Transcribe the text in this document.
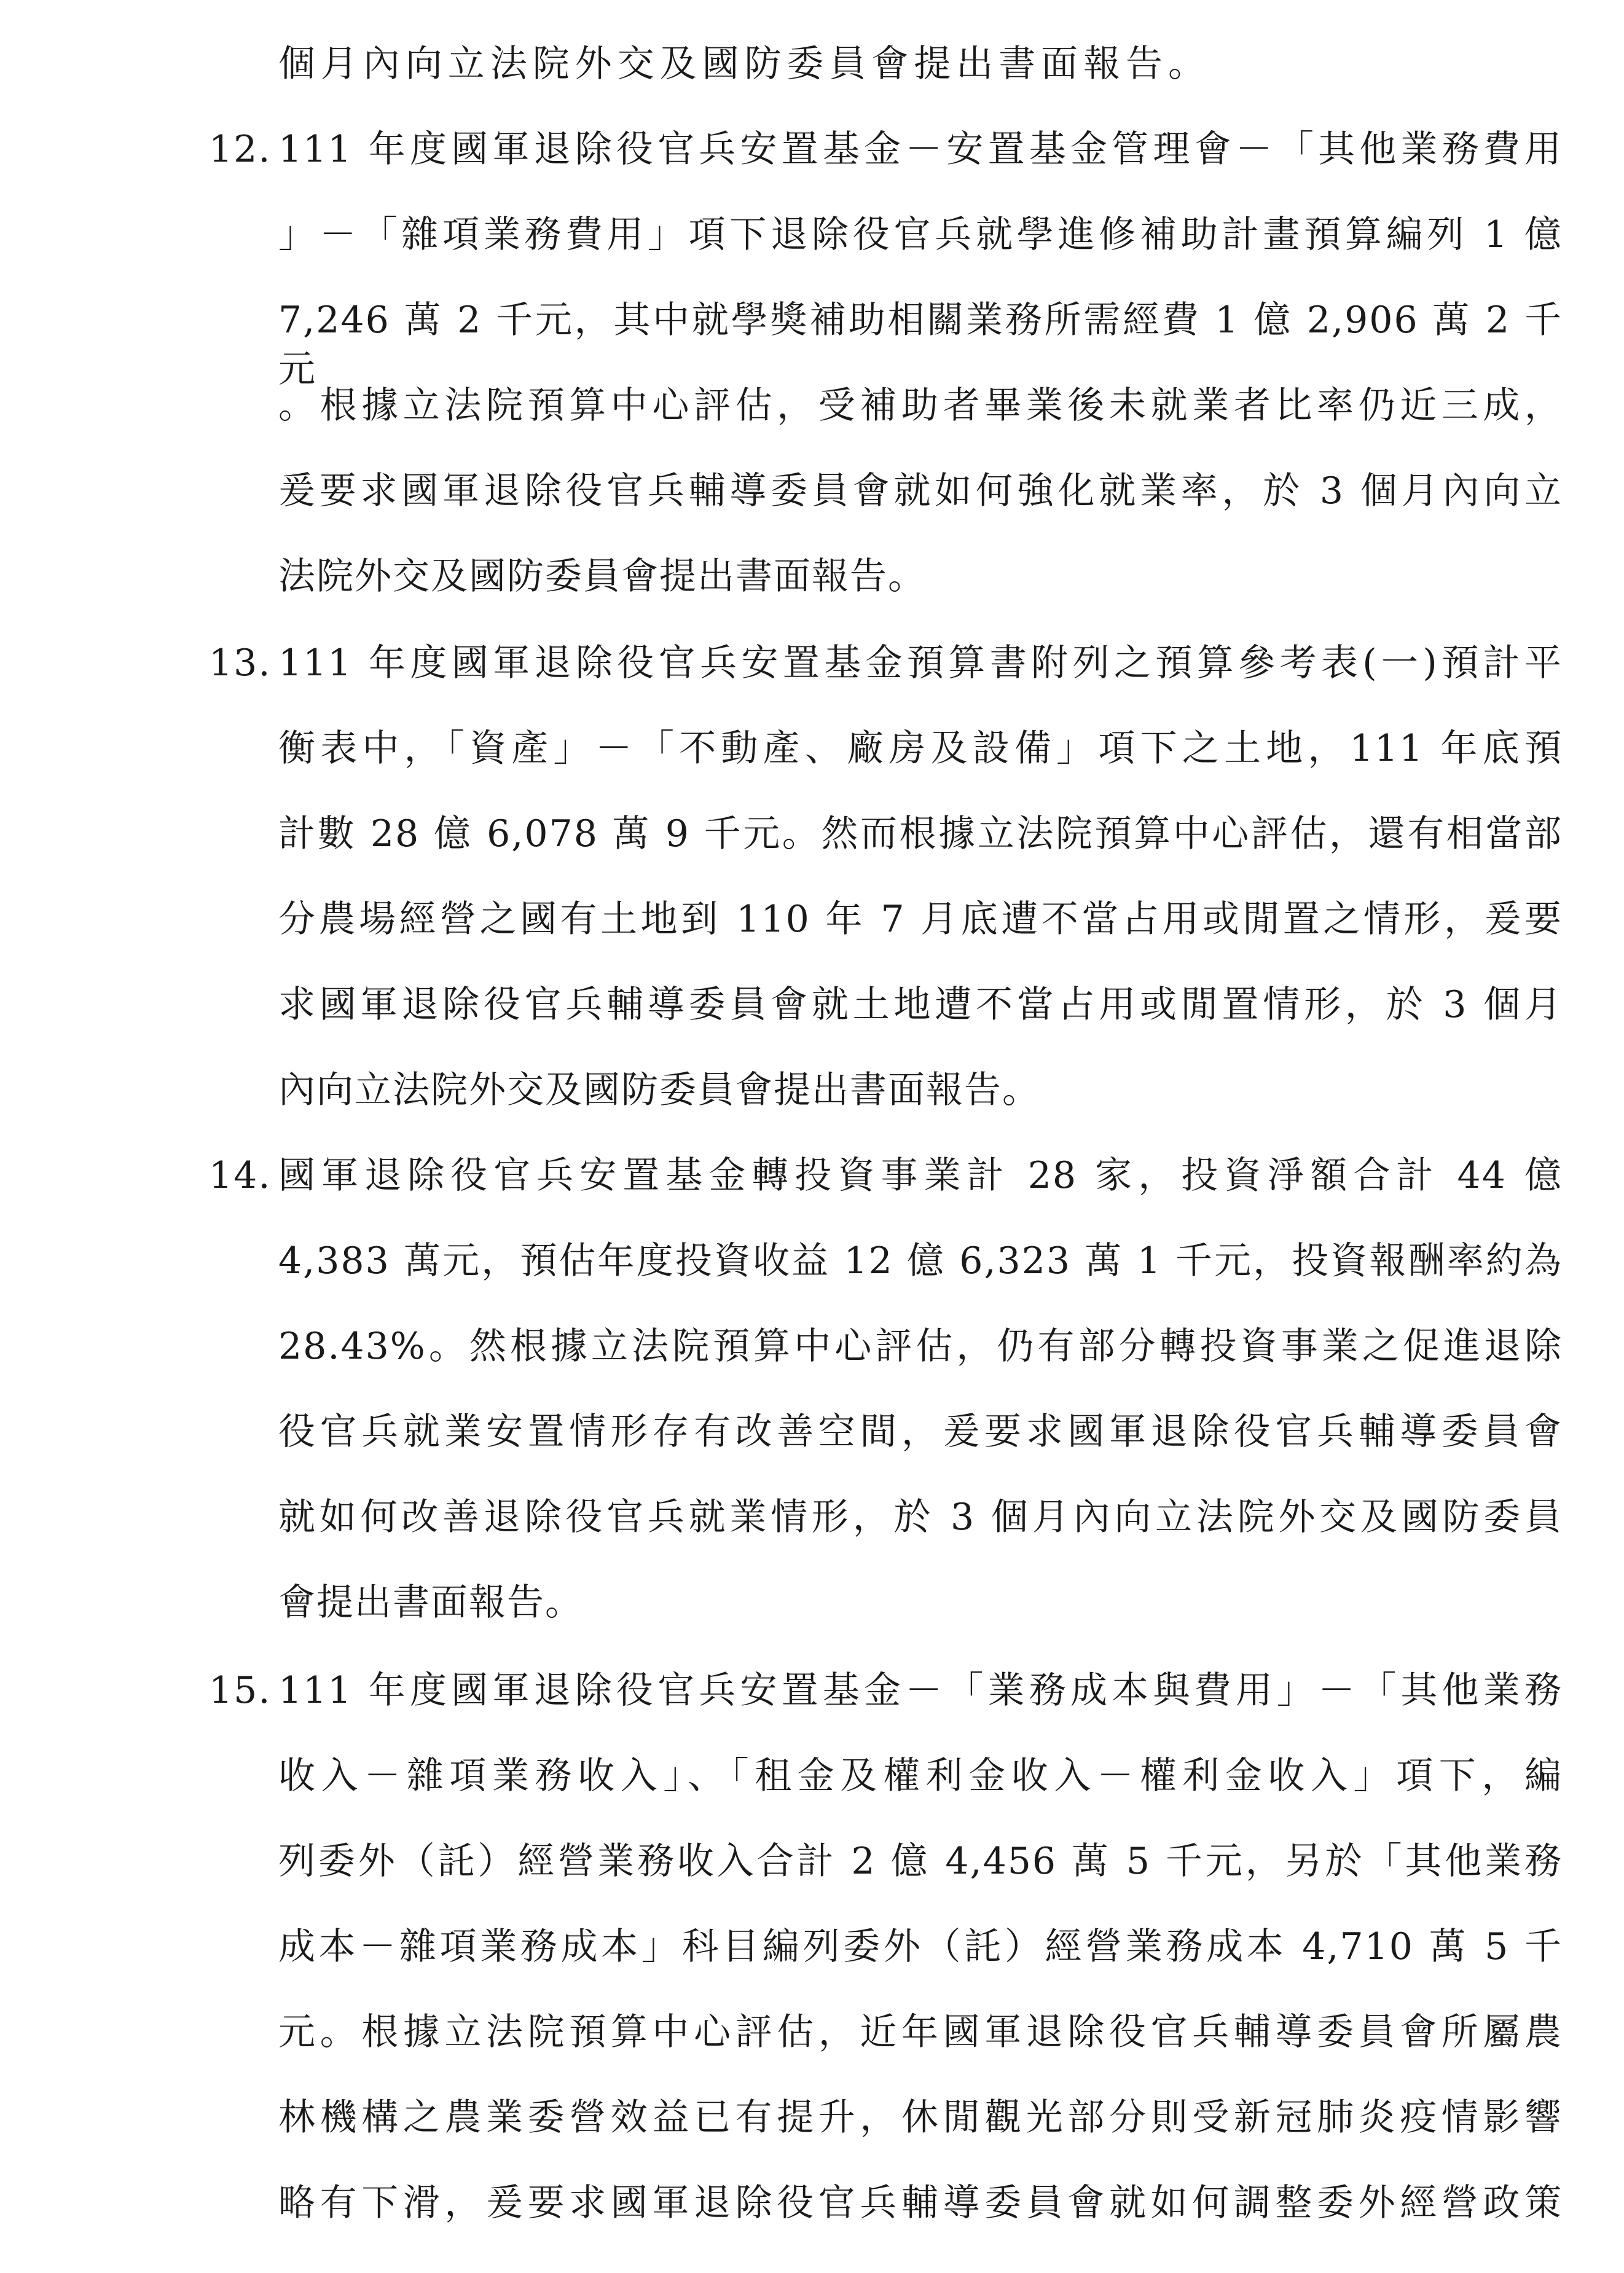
個月內向立法院外交及國防委員會提出書面報告。
12. 111 年度國軍退除役官兵安置基金－安置基金管理會－「其他業務費用
」－「雜項業務費用」項下退除役官兵就學進修補助計畫預算編列 1 億
7,246 萬 2 千元，其中就學獎補助相關業務所需經費 1 億 2,906 萬 2 千元
。根據立法院預算中心評估，受補助者畢業後未就業者比率仍近三成，
爰要求國軍退除役官兵輔導委員會就如何強化就業率，於 3 個月內向立
法院外交及國防委員會提出書面報告。
13. 111 年度國軍退除役官兵安置基金預算書附列之預算參考表(一)預計平
衡表中，「資產」－「不動產、廠房及設備」項下之土地，111 年底預
計數 28 億 6,078 萬 9 千元。然而根據立法院預算中心評估，還有相當部
分農場經營之國有土地到 110 年 7 月底遭不當占用或閒置之情形，爰要
求國軍退除役官兵輔導委員會就土地遭不當占用或閒置情形，於 3 個月
內向立法院外交及國防委員會提出書面報告。
14. 國軍退除役官兵安置基金轉投資事業計 28 家，投資淨額合計 44 億
4,383 萬元，預估年度投資收益 12 億 6,323 萬 1 千元，投資報酬率約為
28.43%。然根據立法院預算中心評估，仍有部分轉投資事業之促進退除
役官兵就業安置情形存有改善空間，爰要求國軍退除役官兵輔導委員會
就如何改善退除役官兵就業情形，於 3 個月內向立法院外交及國防委員
會提出書面報告。
15. 111 年度國軍退除役官兵安置基金－「業務成本與費用」－「其他業務
收入－雜項業務收入」、「租金及權利金收入－權利金收入」項下，編
列委外（託）經營業務收入合計 2 億 4,456 萬 5 千元，另於「其他業務
成本－雜項業務成本」科目編列委外（託）經營業務成本 4,710 萬 5 千
元。根據立法院預算中心評估，近年國軍退除役官兵輔導委員會所屬農
林機構之農業委營效益已有提升，休閒觀光部分則受新冠肺炎疫情影響
略有下滑，爰要求國軍退除役官兵輔導委員會就如何調整委外經營政策
